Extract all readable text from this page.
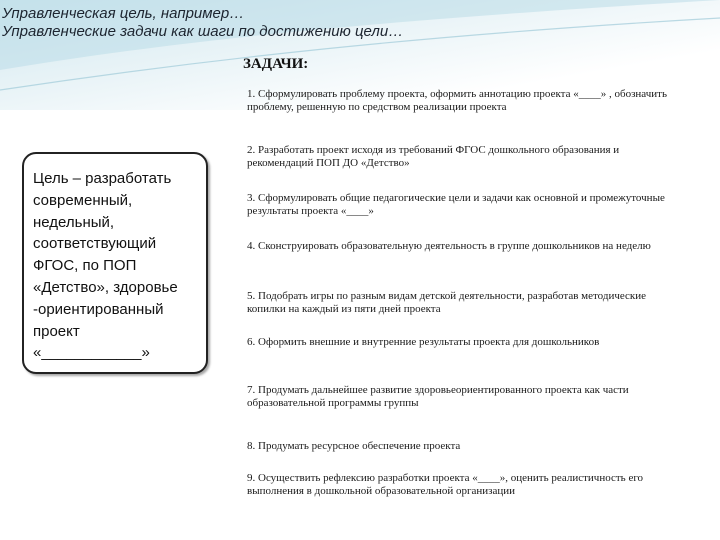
Управленческая цель, например…
Управленческие задачи как шаги по достижению цели…
ЗАДАЧИ:
Цель – разработать
современный,
недельный,
соответствующий
ФГОС, по ПОП
«Детство», здоровье
-ориентированный
проект
«____________»
1. Сформулировать проблему проекта, оформить аннотацию проекта «____» , обозначить проблему, решенную по средством реализации проекта
2. Разработать проект исходя из требований ФГОС дошкольного образования и рекомендаций ПОП ДО «Детство»
3. Сформулировать общие педагогические цели и задачи как основной и промежуточные результаты проекта «____»
4. Сконструировать образовательную деятельность в группе дошкольников на неделю
5. Подобрать игры по разным видам детской деятельности, разработав методические копилки на каждый из пяти дней проекта
6. Оформить внешние и внутренние результаты проекта для дошкольников
7. Продумать дальнейшее развитие здоровьеориентированного проекта как части образовательной программы группы
8. Продумать ресурсное обеспечение проекта
9. Осуществить рефлексию разработки проекта «____», оценить реалистичность его выполнения в дошкольной образовательной организации
